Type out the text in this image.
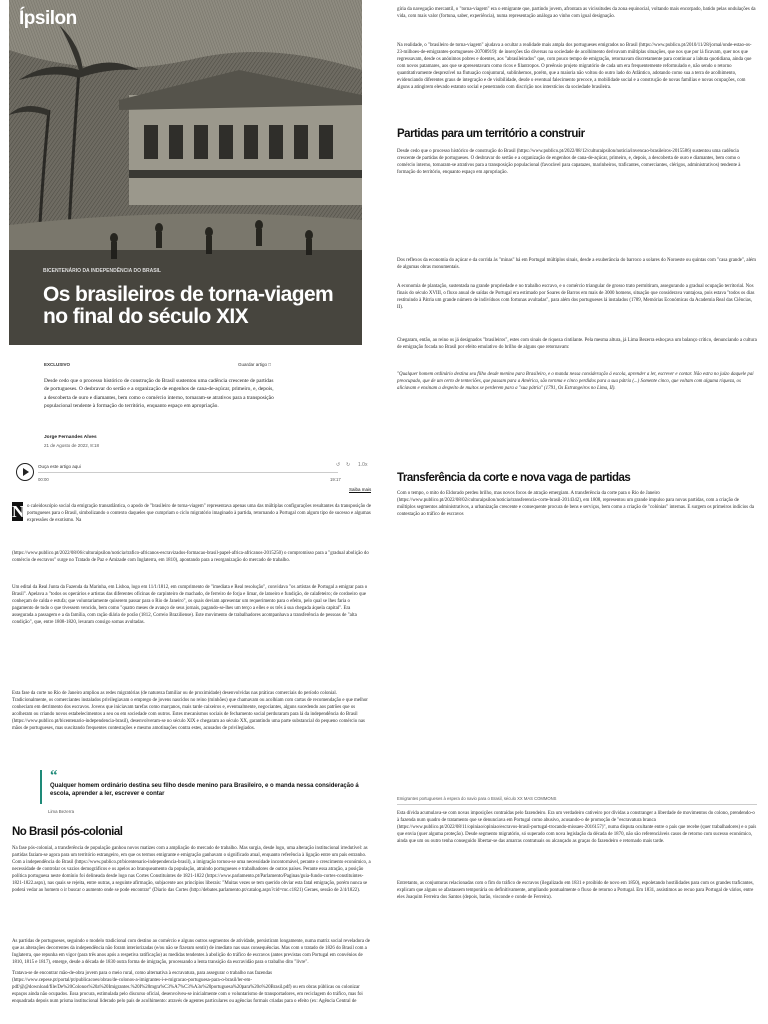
Ípsilon
BICENTENÁRIO DA INDEPENDÊNCIA DO BRASIL
Os brasileiros de torna-viagem no final do século XIX
EXCLUSIVO	Guardar artigo □
Desde cedo que o processo histórico de construção do Brasil sustentou uma cadência crescente de partidas de portugueses. O desbravar do sertão e a organização de engenhos de cana-de-açúcar, primeiro, e, depois, a descoberta de ouro e diamantes, bem como o comércio interno, tornaram-se atrativos para a transposição populacional tendente à formação do território, enquanto espaço em apropriação.
Jorge Fernandes Alves
21 de Agosto de 2022, 8:18
Ouça este artigo aqui
00:00	19:17
↺ ↻ 1.0x
Saiba mais
N o caleidoscópio social da emigração transatlântica, o apodo de "brasileiro de torna-viagem" representava apenas uma das múltiplas configurações resultantes da transposição de portugueses para o Brasil, simbolizando o contexto daqueles que cumpriam o ciclo migratório imaginado à partida, retornando a Portugal com algum tipo de sucesso e algumas expressões de exotismo. Na

(https://www.publico.pt/2022/08/06/culturaipsilon/noticia/trafico-africanos-escravizados-formacao-brasil-papel-africa-africanos-2015250) o compromisso para a "gradual abolição do comércio de escravos" surge no Tratado de Paz e Amizade com Inglaterra, em 1810), apontando para a reorganização do mercado de trabalho.

Um edital da Real Junta da Fazenda da Marinha, em Lisboa, logo em 11/1/1812, em cumprimento de "imediata e Real resolução", convidava "os artistas de Portugal a emigrar para o Brasil". Apelava a "todos os operários e artistas das diferentes ofícinas de carpinteiro de machado, de ferreiro de forja e limar, de latoeiro e fundição, de calafeteiro; de cordoeiro que conheçam de calda e estufa; que voluntariamente quiserem passar para o Rio de Janeiro", os quais deviam apresentar um requerimento para o efeito, pelo qual se lhes faria o pagamento de tudo o que tivessem vencido, bem como "quatro meses de avanço de seus jornais, pagando-se-lhes um terço a elles e os três á sua chegada áquela capital". Era assegurada a passagem e a da família, com ração diária de porão (1812, Correio Braziliense). Este movimento de trabalhadores acompanhava a transferência de pessoas de "alta condição", que, entre 1808-1820, levaram consigo somas avultadas.

Esta fase da corte no Rio de Janeiro ampliou as redes migratórias (de natureza familiar ou de proximidade) desenvolvidas nas práticas comerciais do período colonial. Tradicionalmente, os comerciantes instalados privilegiavam o emprego de jovens nascidos no reino (minhões) que chamavam ou acolhiam com cartas de recomendação e que melhor conheciam em detrimento dos escravos. Jovens que iniciavam tarefas como marçanos, mais tarde caixeiros e, eventualmente, negociantes, alguns sucedendo aos patrões que os acolheram ou criando novos estabelecimentos a seu ou em sociedade com outros. Estes mecanismos sociais de fechamento social perduraram para lá da independência do Brasil (https://www.publico.pt/bicentenario-independencia-brasil), desenvolveram-se no século XIX e chegaram ao século XX, garantindo uma parte substancial do pequeno comércio nas mãos de portugueses, mas suscitando frequentes contestações e mesmo amotinações contra estes, acusados de privilegiados.

“
Qualquer homem ordinário destina seu filho desde menino para Brasileiro, e o manda nessa consideração á escola, aprender a ler, escrever e contar
Lima Bezerra
No Brasil pós-colonial

Na fase pós-colonial, a transferência de população ganhou novos matizes com a ampliação do mercado de trabalho. Mas surgia, desde logo, uma alteração institucional irredutível: as partidas faziam-se agora para um território estrangeiro, em que os termos emigrante e emigração ganhavam o significado atual, enquanto referência à ligação entre um país estranho. Com a independência do Brasil (https://www.publico.pt/bicentenario-independencia-brasil), a imigração tornou-se uma necessidade incontornável, perante o crescimento económico, a necessidade de controlar os vazios demográficos e os apelos ao branqueamento da população, atraindo portugueses e trabalhadores de outros países. Perante essa atração, a posição política portuguesa neste domínio foi delineada desde logo nas Cortes Constituintes de 1821-1822 (https://www.parlamento.pt/Parlamento/Paginas/guia-fundo-cortes-constituintes-1821-1822.aspx), nas quais se rejeita, entre outras, a seguinte afirmação, subjacente aos princípios liberais: "Muitas vezes se tem querido obviar esta fatal emigração, porém nunca se poderá vedar ao homem o ir buscar o aumento onde se pode encontrar" (Diario das Cortes (http://debates.parlamento.pt/catalog.aspx?cid=mc.c1821) Geraes, sessão de 2/4/1822).

As partidas de portugueses, seguindo o modelo tradicional com destino ao comércio e alguns outros segmentos de atividade, persistiram longamente, numa matriz social reveladora de que as alterações decorrentes da independência não foram interiorizadas (e/ou não se fizeram sentir) de imediato nas suas consequências. Mas com o tratado de 1826 do Brasil com a Inglaterra, que repunha em vigor (para três anos após a respetiva ratificação) as medidas tendentes à abolição do tráfico de escravos (antes previstas com Portugal em convénios de 1810, 1815 e 1817), emerge, desde a década de 1830 outra forma de imigração, processando a lenta transição da escravidão para o trabalho dito "livre".

Tratava-se de encontrar mão-de-obra jovem para o meio rural, como alternativa à escravatura, para assegurar o trabalho nas fazendas (https://www.cepese.pt/portal/pt/publicacoes/obras/de-colonos-a-imigrantes-i-e-migracao-portuguesa-para-o-brasil/ler-em-pdf/@@download/file/De%20Colonos%20a%20Imigrantes.%20I%20mgra%C3%A7%C3%A3o%20portuguesa%20para%20o%20Brasil.pdf) ou em obras públicas ou colonizar espaços ainda não ocupados. Essa procura, estimulada pelo discurso oficial, desenvolveu-se inicialmente com o voluntarismo de transportadores, em reciclagem do tráfico, mas foi enquadrada depois num prisma institucional liderado pelo país de acolhimento: através de agentes particulares ou agências formais criadas para o efeito (ex: Agência Central de

gíria da navegação mercantil, o "torna-viagem" era o emigrante que, partindo jovem, afrontara as vicissitudes da zona equinocial, voltando mais encorpado, batido pelas ondulações da vida, com mais valor (fortuna, saber, experiência), numa representação análoga ao vinho com igual designação.

Na realidade, o "brasileiro de torna-viagem" ajudava a ocultar a realidade mais ampla dos portugueses emigrados no Brasil (https://www.publico.pt/2010/11/28/jornal/onde-estao-os-23-milhoes-de-emigrantes-portugueses-20708919): de inserções tão diversas na sociedade de acolhimento derivavam múltiplas situações, que nos que por lá ficavam, quer nos que regressavam, desde os anónimos pobres e doentes, aos "abrasileirados" que, com pouco tempo de emigração, retornavam discretamente para continuar a labuta quotidiana, ainda que com novos patamares, aos que se apresentavam como ricos e filantropos. O preênsio projeto migratório de cada um era frequentemente reformulado e, não sendo o retorno quantitativamente desprezível na flutuação conjuntural, sublinhemos, porém, que a maioria não voltou do outro lado do Atlântico, adotando como sua a terra de acolhimento, evidenciando diferentes graus de integração e de visibilidade, desde o eventual falecimento precoce, a mobilidade social e a construção de novas famílias e novas ocupações, com alguns a atingirem elevado estatuto social e penetrando com discrição nos interstícios da sociedade brasileira.

Partidas para um território a construir

Desde cedo que o processo histórico de construção do Brasil (https://www.publico.pt/2022/08/12/culturaipsilon/noticia/invencao-brasileiros-2015586) sustentou uma cadência crescente de partidas de portugueses. O desbravar do sertão e a organização de engenhos de cana-de-açúcar, primeiro, e, depois, a descoberta de ouro e diamantes, bem como o comércio interno, tornaram-se atrativos para a transposição populacional (favorável para capatazes, marinheiros, traficantes, comerciantes, clérigos, administrativos) tendente à formação do território, enquanto espaço em apropriação.

Dos reflexos da economia do açúcar e da corrida às "minas" há em Portugal múltiplos sinais, desde a exuberância do barroco a solares do Noroeste ou quintas com "casa grande", além de algumas obras monumentais.

A economia de plantação, sustentada na grande propriedade e no trabalho escravo, e o comércio triangular de grosso trato permitiram, assegurando a gradual ocupação territorial. Nos finais do século XVIII, o fluxo anual de saídas de Portugal era estimado por Soares de Barros em mais de 3000 homens, situação que considerava vantajosa, pois estava "todos os dias restituindo à Pátria um grande número de indivíduos com fortunas avultadas", para além dos portugueses lá instalados (1789, Memórias Económicas da Academia Real das Ciências, II).

Chegaram, então, ao reino os já designados "brasileiros", estes com sinais de riqueza cintilante. Pela mesma altura, já Lima Bezerra esboçava um balanço crítico, denunciando a cultura de emigração focada no Brasil por efeito emulativo do brilho de alguns que retornavam:

"Qualquer homem ordinário destina seu filho desde menino para Brasileiro, e o manda nessa consideração á escola, aprender a ler, escrever e contar. Não estra no juízo daquele pai preocupado, que de um certo de tenteciões, que passam para a América, são tornma e cinco perdidos para a sua pátria (...) Somente cinco, que voltam com alguma riqueza, os aliciavam e ensinam a despeito de muitos se perderem para a "sua pátria" (1791, Os Estrangeiros no Lima, II).

Transferência da corte e nova vaga de partidas

Com o tempo, o mito do Eldorado perdeu brilho, mas novos focos de atração emergiam. A transferência da corte para o Rio de Janeiro (https://www.publico.pt/2022/08/02/culturaipsilon/noticia/transferencia-corte-brasil-2014342), em 1808, representou um grande impulso para novas partidas, com a criação de múltiplos segmentos administrativos, a urbanização crescente e consequente procura de bens e serviços, bem como a criação de "colónias" internas. E surgem os primeiros indícios da contestação ao tráfico de escravos

Emigrantes portugueses à espera do navio para o Brasil, século XX MAS COMMONS

Esta dívida acumulava-se com novas imposições contraídas pelo fazendeiro. Era um verdadeiro cativeiro por dívidas a constranger a liberdade de movimentos do colono, prendendo-o à fazenda num quadro de tratamento que se denunciava em Portugal como abusivo, acusando-o de promoção de "escravatura branca (https://www.publico.pt/2022/08/11/opiniao/opiniao/escravos-brasil-portugal-trocando-missaes-2016157)", numa disputa ocultante entre o país que recebe (quer trabalhadores) e o país que envia (quer alguma proteção). Desde segmento migratório, só superado com nova legislação da década de 1870, não são referenciáveis casos de retorno com sucesso económico, ainda que um ou outro tenha conseguido libertar-se das amarras contratuais ou alcançado as graças do fazendeiro e retornado mais tarde.

Entretanto, as conjunturas relacionadas com o fim do tráfico de escravos (ilegalizado em 1831 e proibido de novo em 1850), espoletando hostilidades para com os grandes traficantes, explicam que alguns se afastassem temporária ou definitivamente, ampliando pontualmente o fluxo de retorno a Portugal. Em 1831, assistimos ao recuo para Portugal de vários, entre eles Joaquim Ferreira dos Santos (depois, barão, visconde e conde de Ferreira).
